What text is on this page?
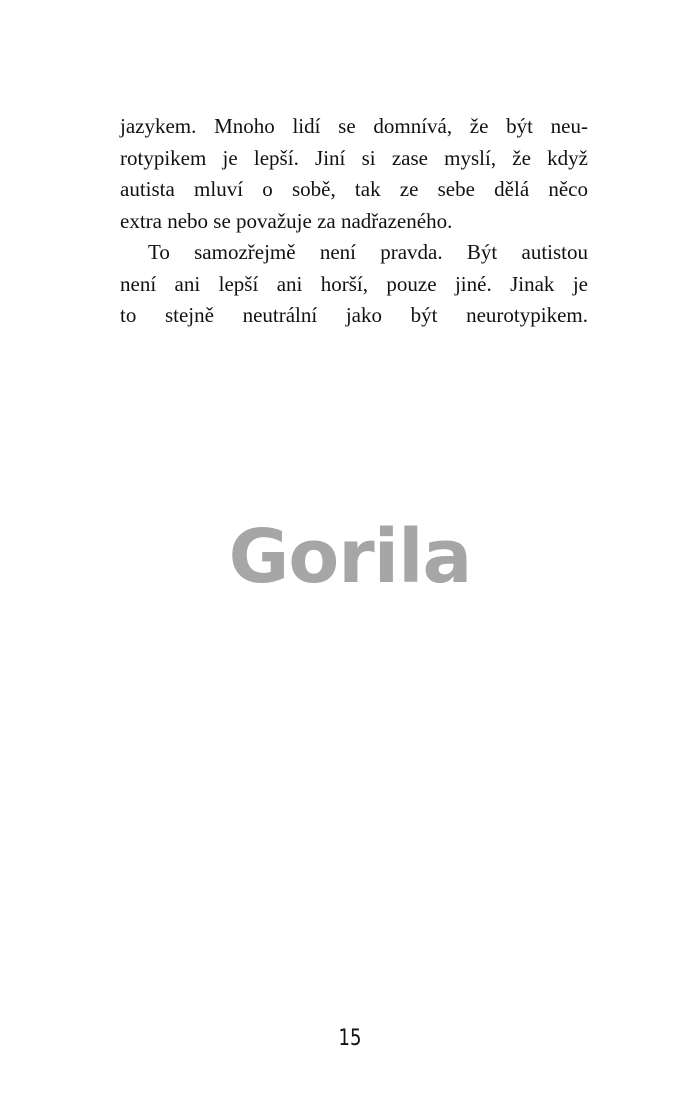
jazykem. Mnoho lidí se domnívá, že být neu-
rotypikem je lepší. Jiní si zase myslí, že když
autista mluví o sobě, tak ze sebe dělá něco
extra nebo se považuje za nadřazeného.
To samozřejmě není pravda. Být autistou
není ani lepší ani horší, pouze jiné. Jinak je
to stejně neutrální jako být neurotypikem.
Gorila
15
